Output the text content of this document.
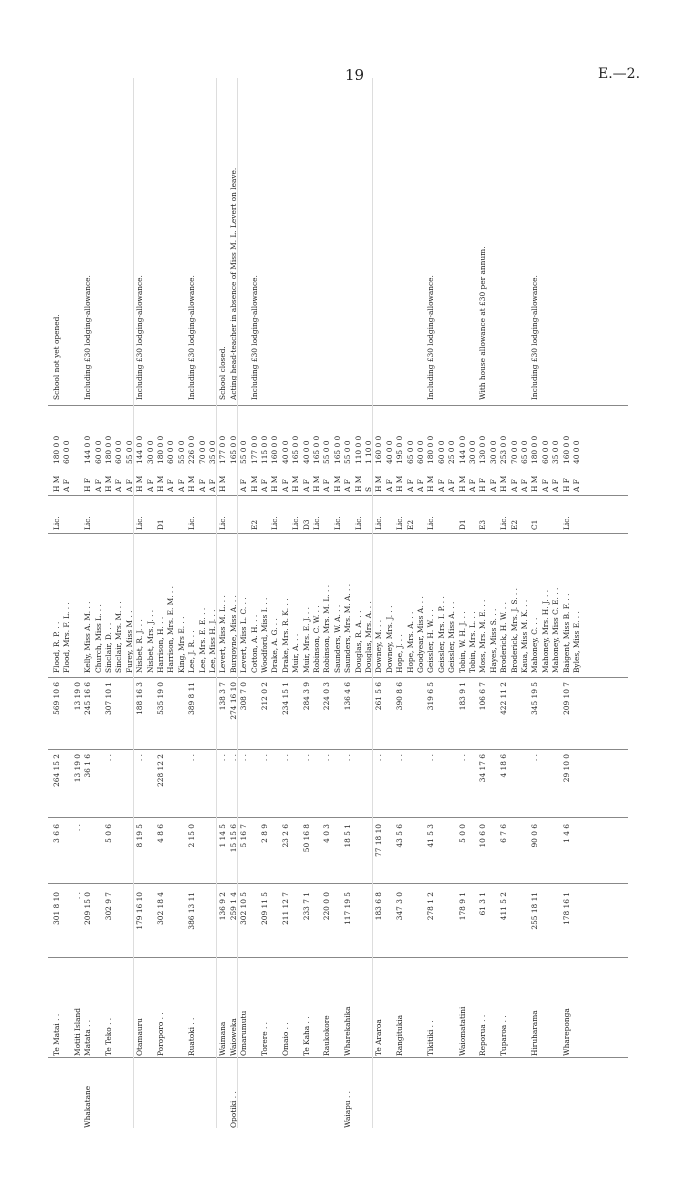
19	E.—2.
Te Matai . .
301 8 10
3 6 6
264 15 2
569 10 6
Flood, R. P. . .
Lic.
H M
180 0 0
School not yet opened.
Flood, Mrs. F. L. . .
A F
60 0 0
Motiti Island
. .
. .
13 19 0
13 19 0
Whakatane
Matata . .
209 15 0
36 1 6
245 16 6
Kelly, Miss A. M. . .
Lic.
H F
144 0 0
Including £30 lodging-allowance.
Church, Miss L. . .
A F
60 0 0
Te Teko . .
302 9 7
5 0 6
. .
307 10 1
Sinclair, D. . .
H M
180 0 0
Sinclair, Mrs. M. . .
A F
60 0 0
Furey, Miss M . .
A F
55 0 0
Otamauru
179 16 10
8 19 5
. .
188 16 3
Nisbet, R. J. . .
Lic.
H M
144 0 0
Including £30 lodging-allowance.
Nisbet, Mrs. J. . .
A F
30 0 0
Poroporo . .
302 18 4
4 8 6
228 12 2
535 19 0
Harrison, H. . .
D1
H M
180 0 0
Harrison, Mrs. E. M. . .
A F
60 0 0
King, Mrs E. . .
A F
55 0 0
Ruatoki . .
386 13 11
2 15 0
. .
389 8 11
Lee, J. R. . .
Lic.
H M
226 0 0
Including £30 lodging-allowance.
Lee, Mrs. E. E. . .
A F
70 0 0
Lee, Miss H. J. . .
A F
35 0 0
Waimana
136 9 2
1 14 5
. .
138 3 7
Levert, Miss M. L. . .
Lic.
H M
177 0 0
School closed.
Opotiki . .
Waioweka
259 1 4
15 15 6
. .
274 16 10
Burgoyne, Miss A. . .
165 0 0
Acting head-teacher in absence of Miss M. L. Levert on leave.
Omarumutu
302 10 5
5 16 7
. .
308 7 0
Levert, Miss L. C. . .
A F
55 0 0
Cotton, A. H. . .
E2
H M
177 0 0
Including £30 lodging-allowance.
Torere . .
209 11 5
2 8 9
. .
212 0 2
Woodford, Miss I. . .
A F
115 0 0
Drake, A. G. . .
Lic.
H M
160 0 0
Omaio . .
211 12 7
23 2 6
. .
234 15 1
Drake, Mrs. R. K. . .
A F
40 0 0
Muir, A. . .
Lic.
H M
165 0 0
Te Kaha . .
233 7 1
50 16 8
. .
284 3 9
Muir, Mrs. E. J. . .
D3
A F
40 0 0
Robinson, C. W. . .
Lic.
H M
165 0 0
Raukokore
220 0 0
4 0 3
. .
224 0 3
Robinson, Mrs. M. L. . .
A F
55 0 0
Saunders, W. A. . .
Lic.
H M
165 0 0
Waiapu . .
Wharekahika
117 19 5
18 5 1
. .
136 4 6
Saunders, Mrs. M. A. . .
A F
55 0 0
Douglas, R. A. . .
Lic.
H M
110 0 0
Douglas, Mrs. A. . .
S
1 10 0
Te Araroa
183 6 8
77 18 10
. .
261 5 6
Downey, M. . .
Lic.
H M
160 0 0
Downey, Mrs. J. . .
A F
40 0 0
Rangitukia
347 3 0
43 5 6
. .
390 8 6
Hope, J. . .
Lic.
H M
195 0 0
Hope, Mrs. A. . .
E2
A F
65 0 0
Goodyear, Miss A. . .
A F
60 0 0
Tikitiki . .
278 1 2
41 5 3
. .
319 6 5
Geissler, H. W. . .
Lic.
H M
180 0 0
Including £30 lodging-allowance.
Geissler, Mrs. I. P. . .
A F
60 0 0
Geissler, Miss A. . .
A F
25 0 0
Waiomatatini
178 9 1
5 0 0
. .
183 9 1
Tobin, W. H. J. . .
D1
H M
144 0 0
Tobin, Mrs. L. . .
A F
30 0 0
Reporua . .
61 3 1
10 6 0
34 17 6
106 6 7
Moss, Mrs. M. E. . .
E3
H F
130 0 0
With house allowance at £30 per annum.
Hayes, Miss S. . .
A F
30 0 0
Tuparoa . .
411 5 2
6 7 6
4 18 6
422 11 2
Broderick, H. W. . .
Lic.
H M
253 0 0
Broderick, Mrs. J. S. . .
E2
A F
70 0 0
Kaua, Miss M. K. . .
A F
65 0 0
Hiruharama
255 18 11
90 0 6
. .
345 19 5
Mahoney, C. . .
C1
H M
180 0 0
Including £30 lodging-allowance.
Mahoney, Mrs. H. J. . .
A F
60 0 0
Mahoney, Miss C. E. . .
A F
35 0 0
Whareponga
178 16 1
1 4 6
29 10 0
209 10 7
Baigent, Miss B. F. . .
Lic.
H F
160 0 0
Byles, Miss E. . .
A F
40 0 0
